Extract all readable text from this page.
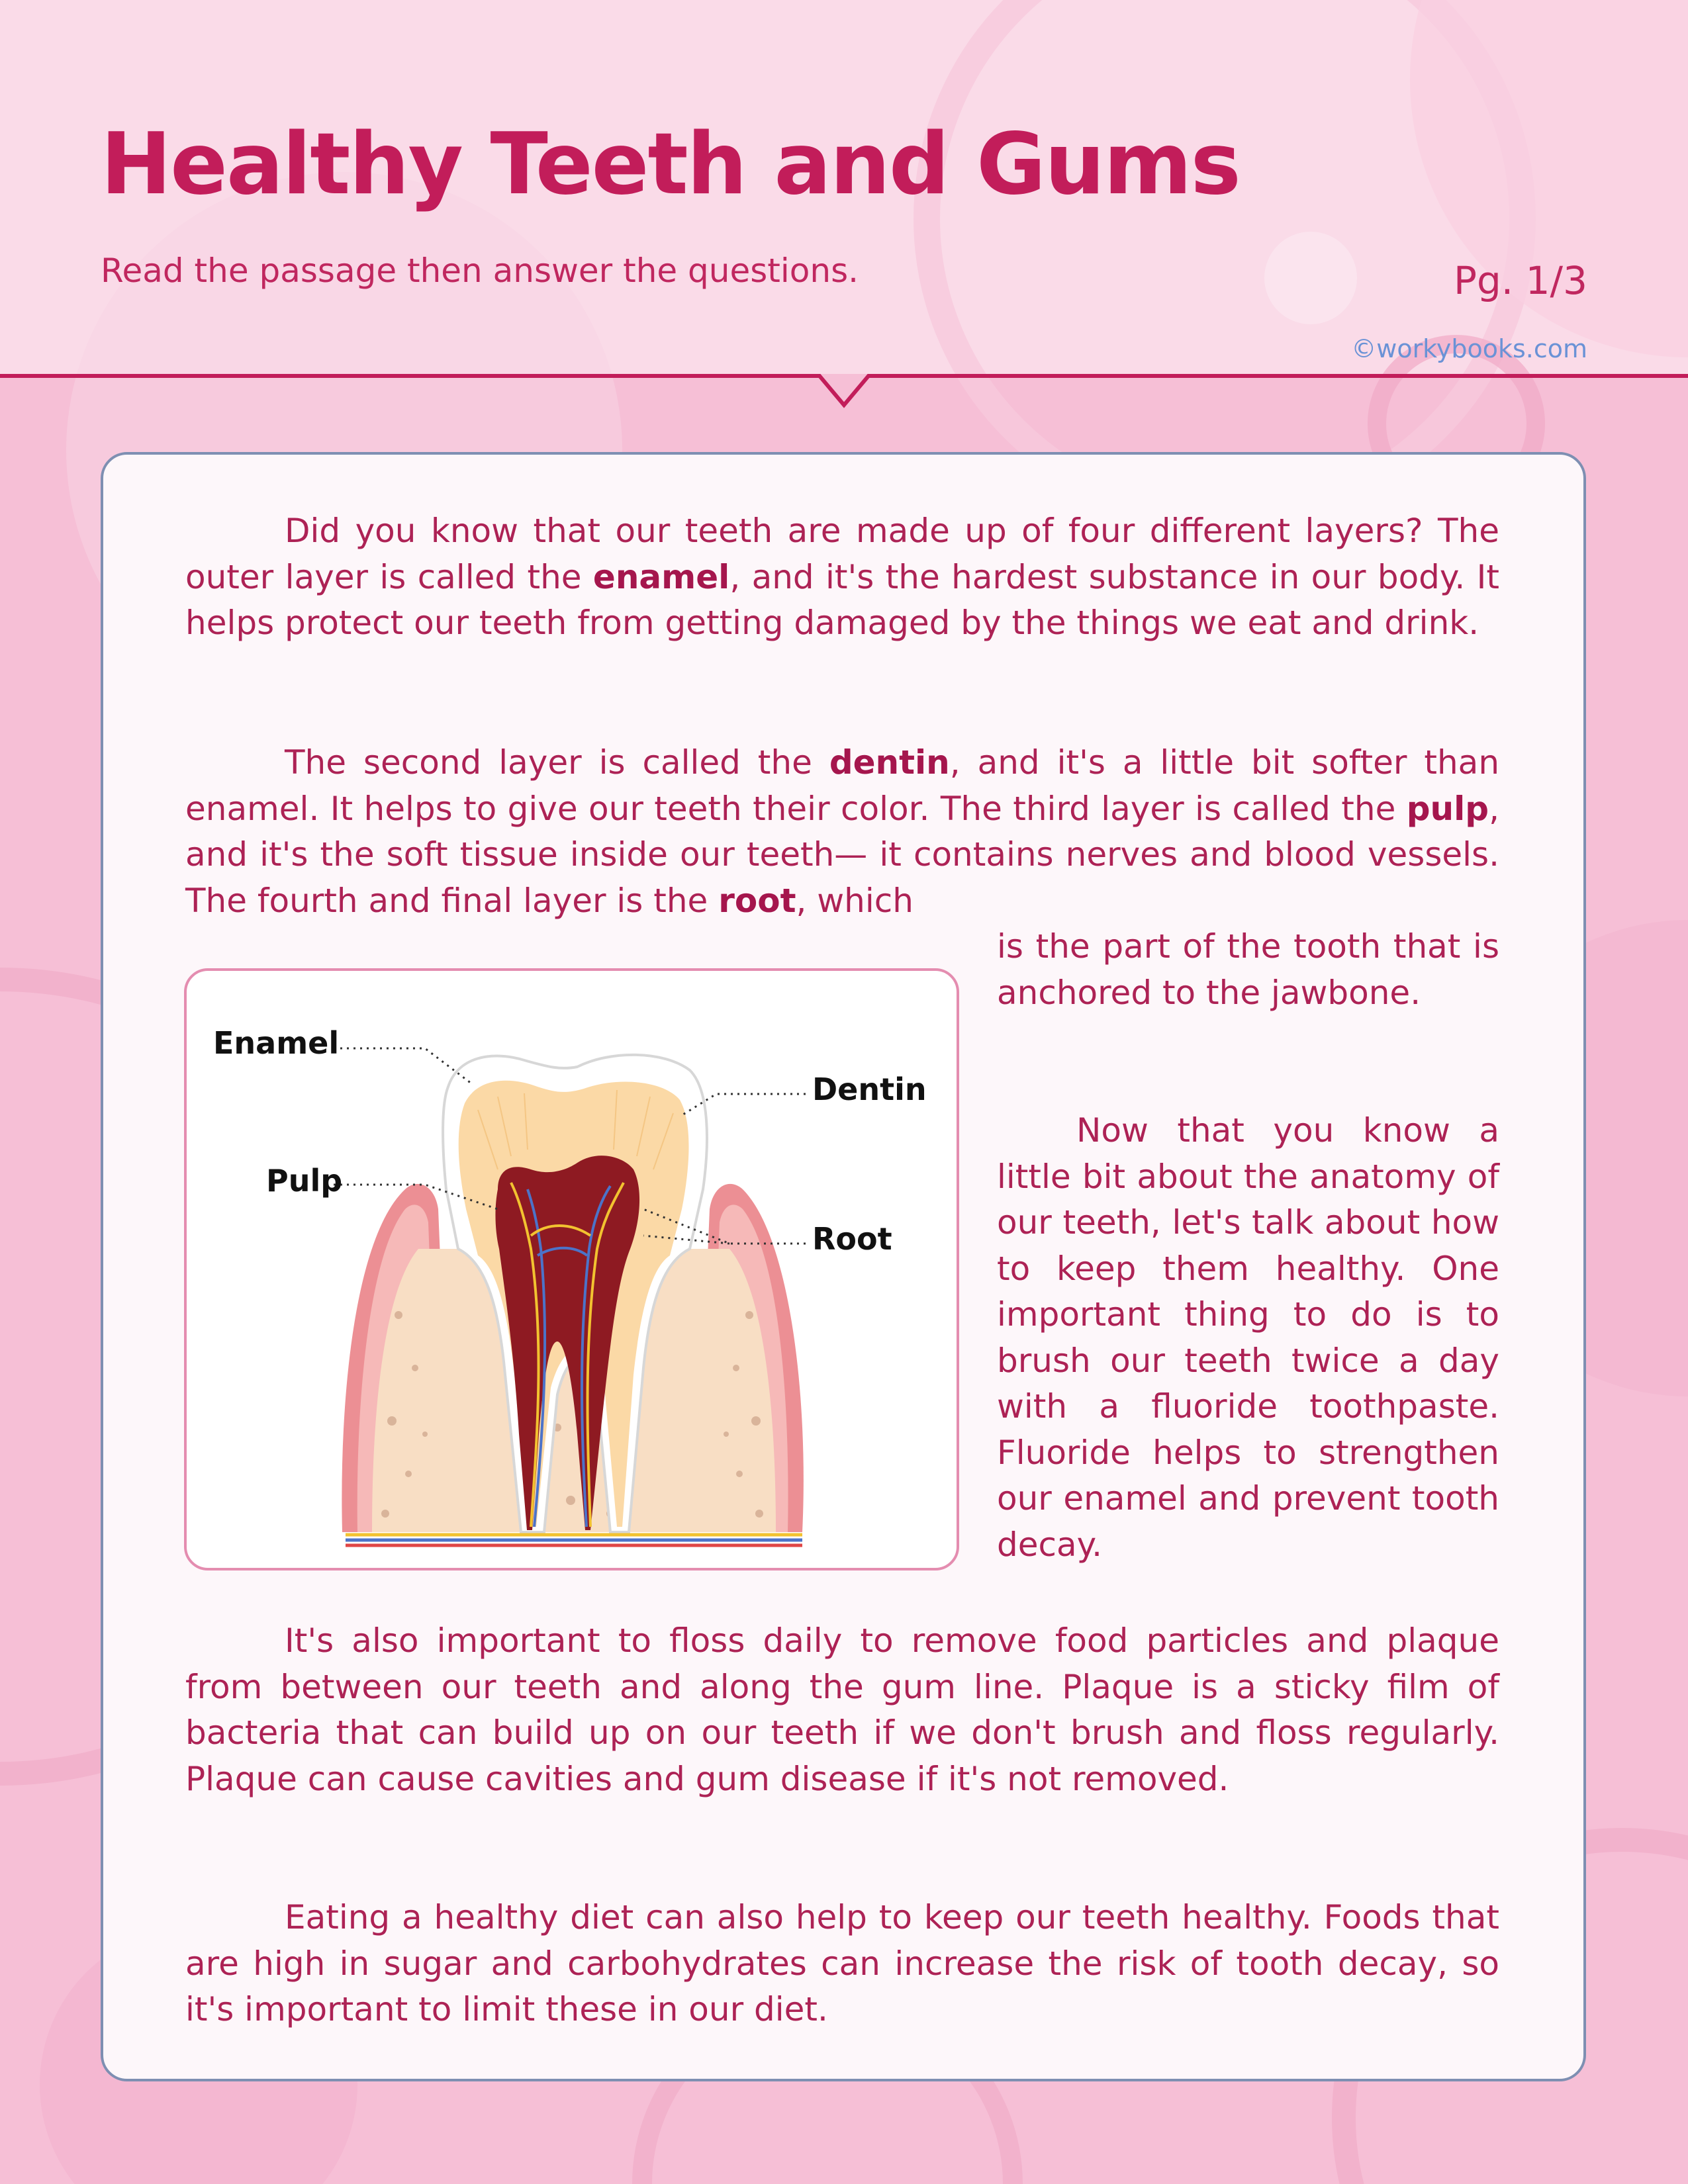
Healthy Teeth and Gums
Read the passage then answer the questions.	Pg. 1/3
©workybooks.com

Did you know that our teeth are made up of four different layers? The outer layer is called the enamel, and it's the hardest substance in our body. It helps protect our teeth from getting damaged by the things we eat and drink.

The second layer is called the dentin, and it's a little bit softer than enamel. It helps to give our teeth their color. The third layer is called the pulp, and it's the soft tissue inside our teeth— it contains nerves and blood vessels. The fourth and final layer is the root, which

is the part of the tooth that is anchored to the jawbone.

Now that you know a little bit about the anatomy of our teeth, let's talk about how to keep them healthy. One important thing to do is to brush our teeth twice a day with a fluoride toothpaste. Fluoride helps to strengthen our enamel and prevent tooth decay.

It's also important to floss daily to remove food particles and plaque from between our teeth and along the gum line. Plaque is a sticky film of bacteria that can build up on our teeth if we don't brush and floss regularly. Plaque can cause cavities and gum disease if it's not removed.

Eating a healthy diet can also help to keep our teeth healthy. Foods that are high in sugar and carbohydrates can increase the risk of tooth decay, so it's important to limit these in our diet.

Enamel
Dentin
Pulp
Root
